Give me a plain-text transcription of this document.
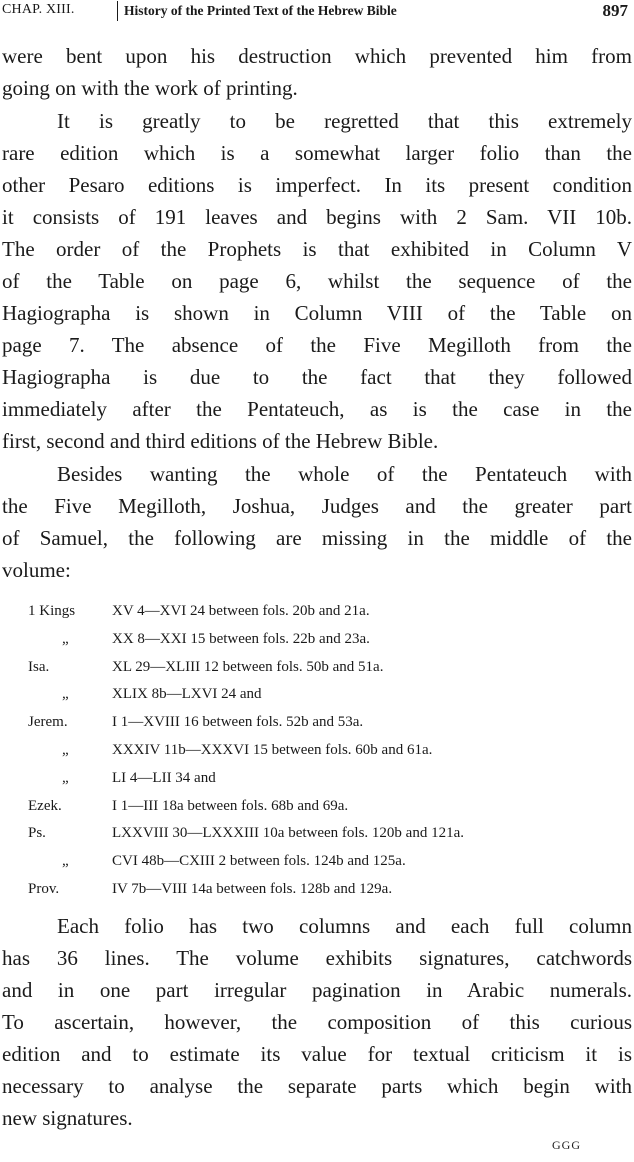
CHAP. XIII.	History of the Printed Text of the Hebrew Bible	897
were bent upon his destruction which prevented him from
going on with the work of printing.
It is greatly to be regretted that this extremely
rare edition which is a somewhat larger folio than the
other Pesaro editions is imperfect. In its present condition
it consists of 191 leaves and begins with 2 Sam. VII 10b.
The order of the Prophets is that exhibited in Column V
of the Table on page 6, whilst the sequence of the
Hagiographa is shown in Column VIII of the Table on
page 7. The absence of the Five Megilloth from the
Hagiographa is due to the fact that they followed
immediately after the Pentateuch, as is the case in the
first, second and third editions of the Hebrew Bible.
Besides wanting the whole of the Pentateuch with
the Five Megilloth, Joshua, Judges and the greater part
of Samuel, the following are missing in the middle of the
volume:
1 Kings XV 4—XVI 24 between fols. 20b and 21a.
„	XX 8—XXI 15 between fols. 22b and 23a.
Isa.	XL 29—XLIII 12 between fols. 50b and 51a.
„	XLIX 8b—LXVI 24 and
Jerem.	I 1—XVIII 16 between fols. 52b and 53a.
„	XXXIV 11b—XXXVI 15 between fols. 60b and 61a.
„	LI 4—LII 34 and
Ezek.	I 1—III 18a between fols. 68b and 69a.
Ps.	LXXVIII 30—LXXXIII 10a between fols. 120b and 121a.
„	CVI 48b—CXIII 2 between fols. 124b and 125a.
Prov.	IV 7b—VIII 14a between fols. 128b and 129a.
Each folio has two columns and each full column
has 36 lines. The volume exhibits signatures, catchwords
and in one part irregular pagination in Arabic numerals.
To ascertain, however, the composition of this curious
edition and to estimate its value for textual criticism it is
necessary to analyse the separate parts which begin with
new signatures.
GGG
